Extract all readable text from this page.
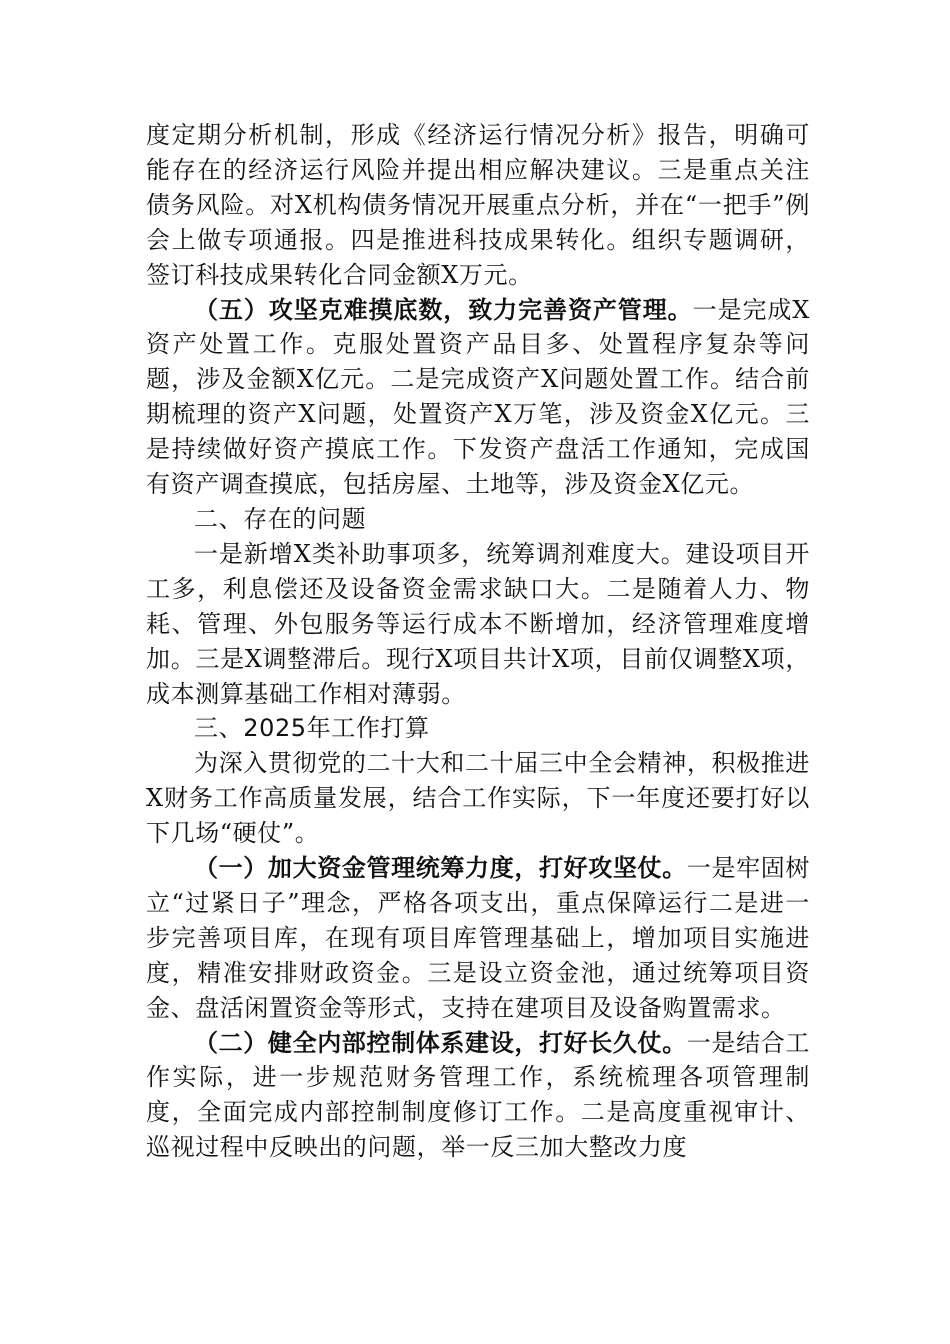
度定期分析机制，形成《经济运行情况分析》报告，明确可能存在的经济运行风险并提出相应解决建议。三是重点关注债务风险。对X机构债务情况开展重点分析，并在“一把手”例会上做专项通报。四是推进科技成果转化。组织专题调研，签订科技成果转化合同金额X万元。

（五）攻坚克难摸底数，致力完善资产管理。一是完成X资产处置工作。克服处置资产品目多、处置程序复杂等问题，涉及金额X亿元。二是完成资产X问题处置工作。结合前期梳理的资产X问题，处置资产X万笔，涉及资金X亿元。三是持续做好资产摸底工作。下发资产盘活工作通知，完成国有资产调查摸底，包括房屋、土地等，涉及资金X亿元。

二、存在的问题

一是新增X类补助事项多，统筹调剂难度大。建设项目开工多，利息偿还及设备资金需求缺口大。二是随着人力、物耗、管理、外包服务等运行成本不断增加，经济管理难度增加。三是X调整滞后。现行X项目共计X项，目前仅调整X项，成本测算基础工作相对薄弱。

三、2025年工作打算

为深入贯彻党的二十大和二十届三中全会精神，积极推进X财务工作高质量发展，结合工作实际，下一年度还要打好以下几场“硬仗”。

（一）加大资金管理统筹力度，打好攻坚仗。一是牢固树立“过紧日子”理念，严格各项支出，重点保障运行二是进一步完善项目库，在现有项目库管理基础上，增加项目实施进度，精准安排财政资金。三是设立资金池，通过统筹项目资金、盘活闲置资金等形式，支持在建项目及设备购置需求。

（二）健全内部控制体系建设，打好长久仗。一是结合工作实际，进一步规范财务管理工作，系统梳理各项管理制度，全面完成内部控制制度修订工作。二是高度重视审计、巡视过程中反映出的问题，举一反三加大整改力度
